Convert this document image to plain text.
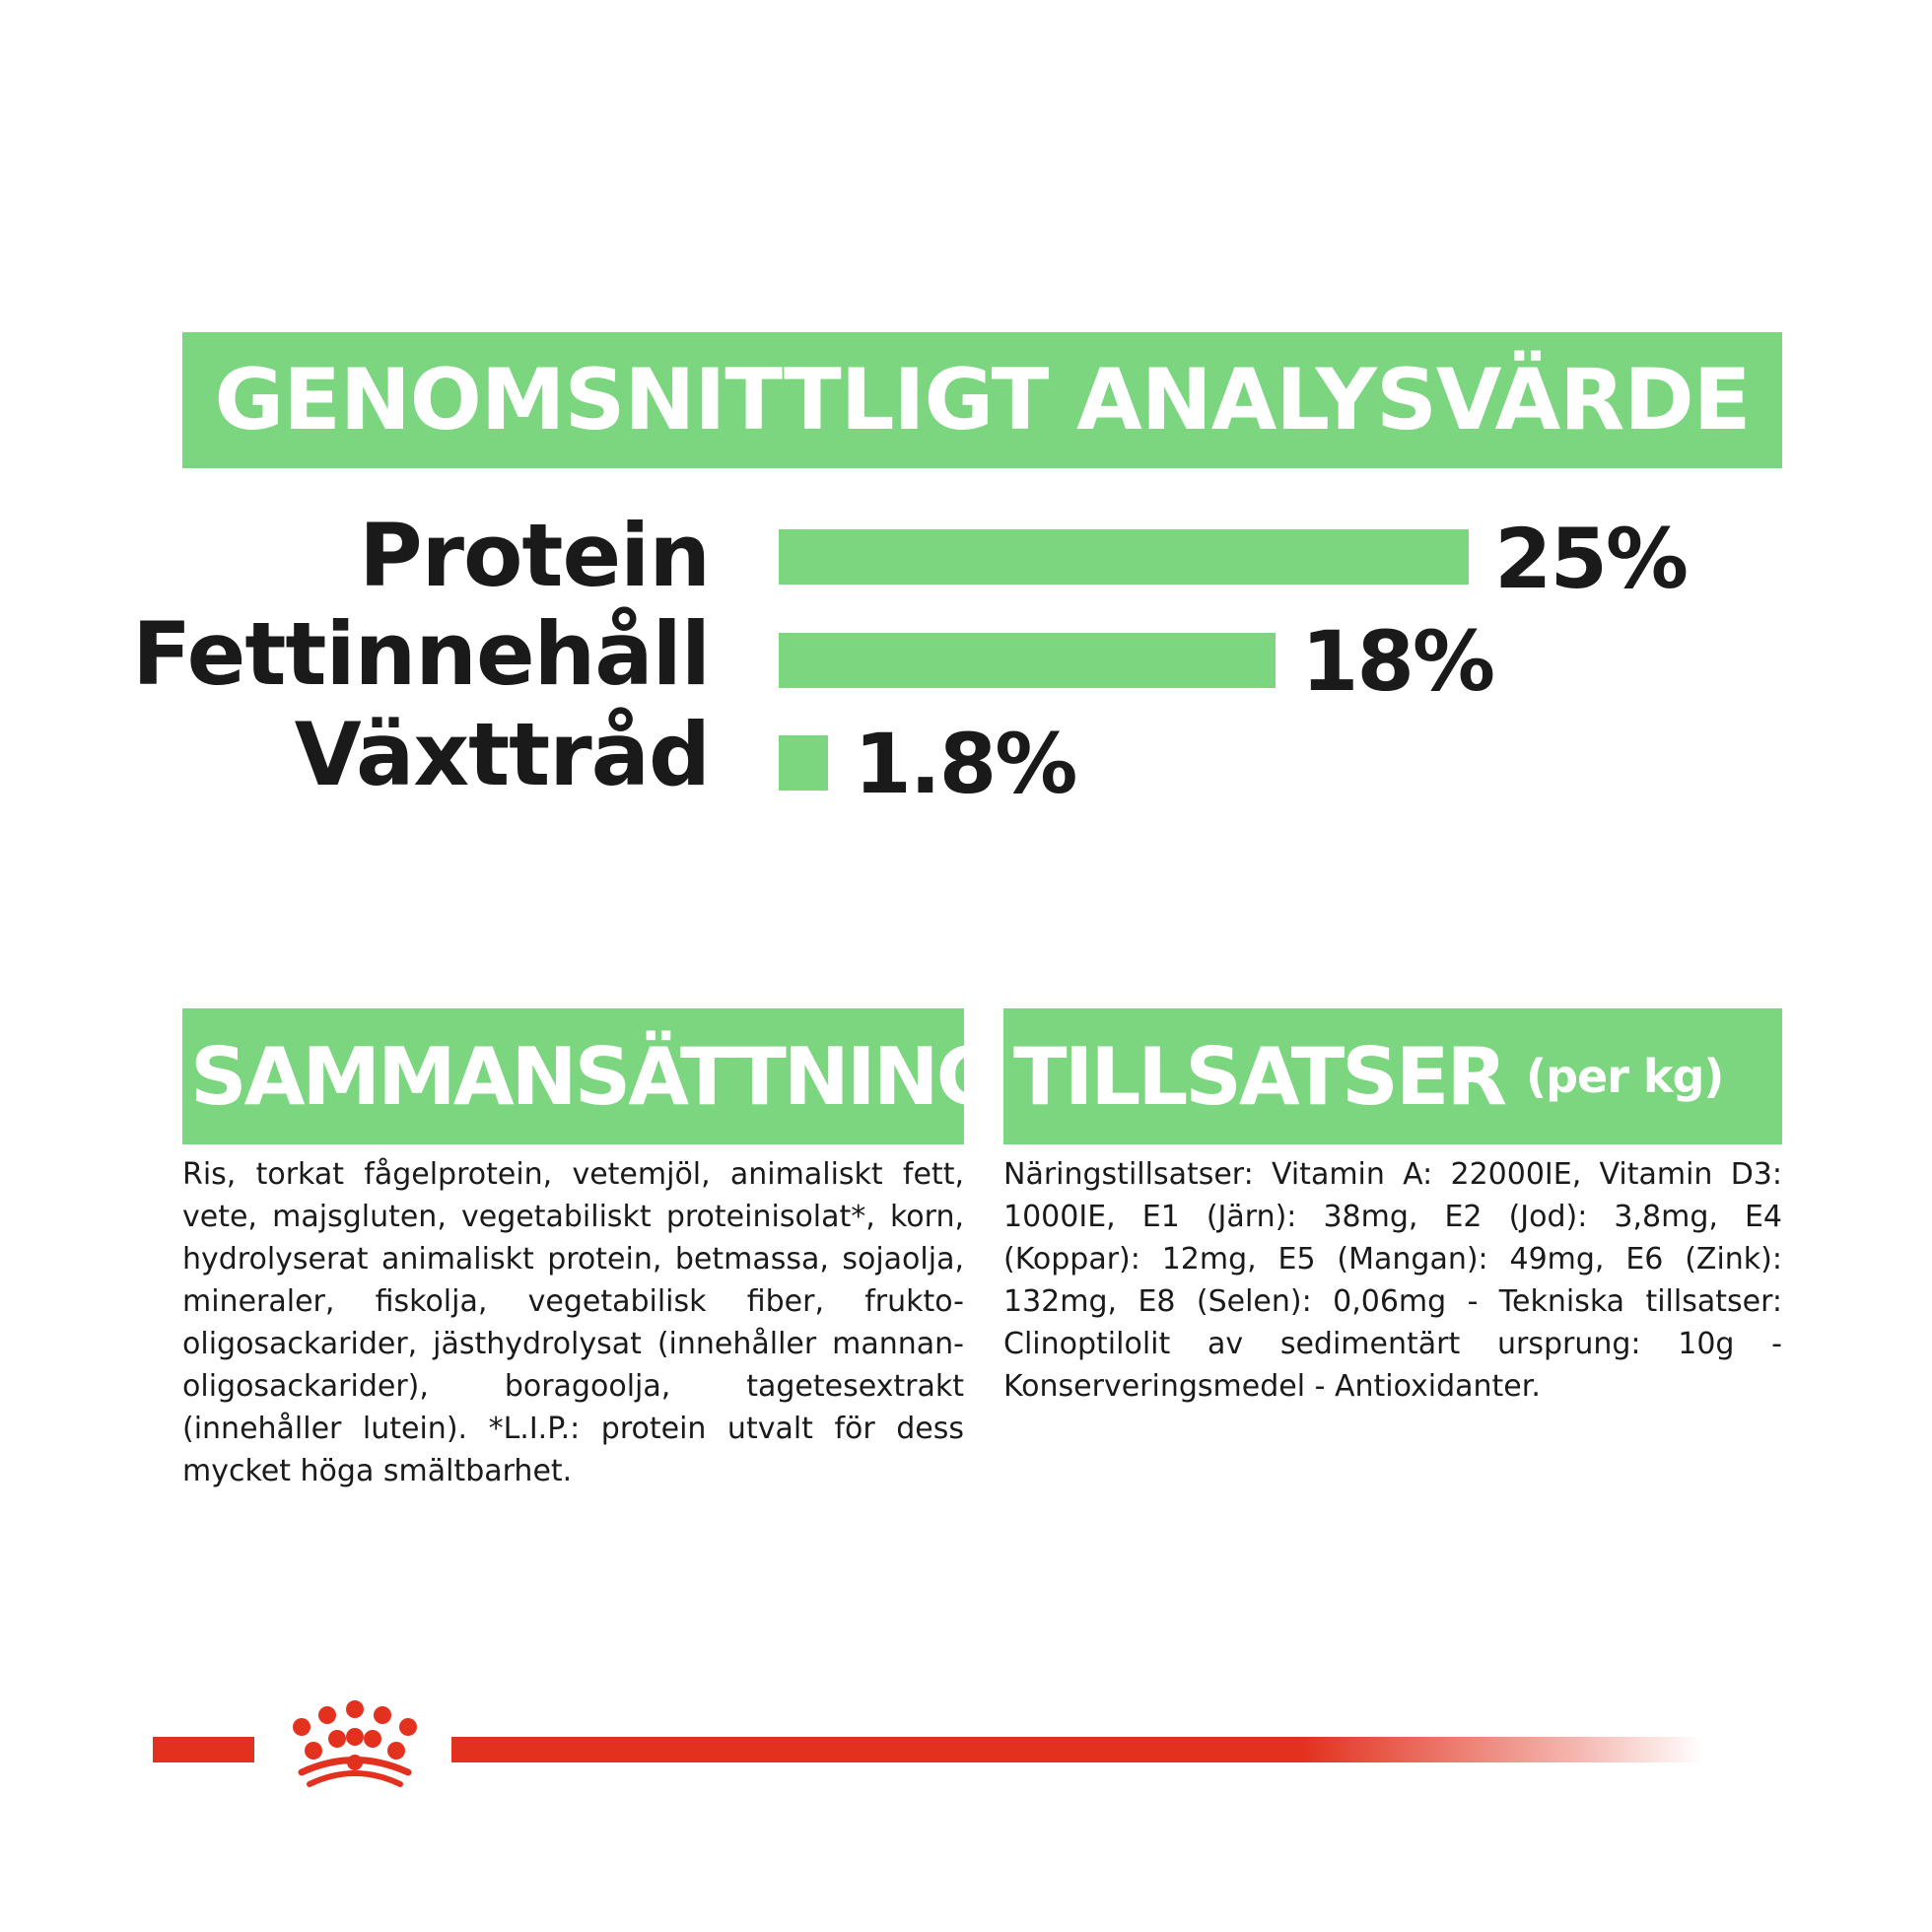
GENOMSNITTLIGT ANALYSVÄRDE
Protein	25%
Fettinnehåll	18%
Växttråd 1.8%
SAMMANSÄTTNING TILLSATSER (per kg)
Ris, torkat fågelprotein, vetemjöl, animaliskt fett, vete, majsgluten, vegetabiliskt proteinisolat*, korn, hydrolyserat animaliskt protein, betmassa, sojaolja, mineraler, fiskolja, vegetabilisk fiber, frukto-oligosackarider, jästhydrolysat (innehåller mannan-oligosackarider), boragoolja, tagetesextrakt (innehåller lutein). *L.I.P.: protein utvalt för dess mycket höga smältbarhet.
Näringstillsatser: Vitamin A: 22000IE, Vitamin D3: 1000IE, E1 (Järn): 38mg, E2 (Jod): 3,8mg, E4 (Koppar): 12mg, E5 (Mangan): 49mg, E6 (Zink): 132mg, E8 (Selen): 0,06mg - Tekniska tillsatser: Clinoptilolit av sedimentärt ursprung: 10g - Konserveringsmedel - Antioxidanter.
